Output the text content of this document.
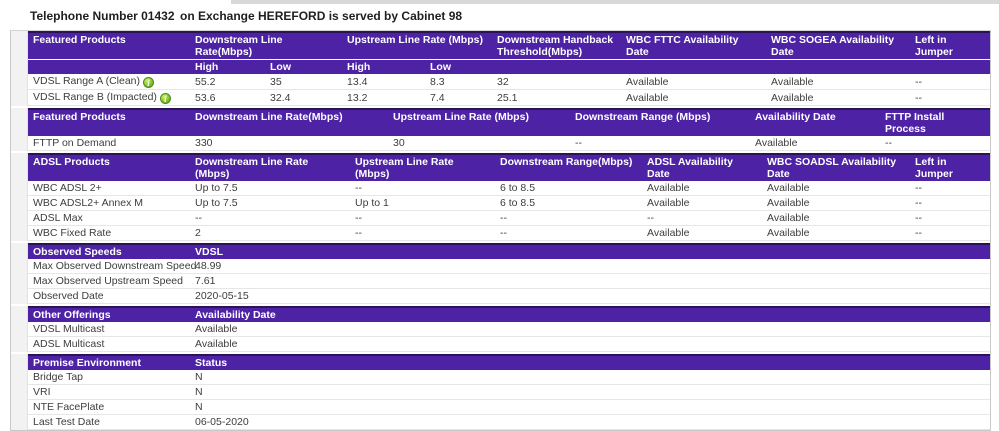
Telephone Number 01432 on Exchange HEREFORD is served by Cabinet 98
Featured Products	Downstream Line Rate(Mbps)		Upstream Line Rate (Mbps)		Downstream Handback Threshold(Mbps)	WBC FTTC Availability Date	WBC SOGEA Availability Date	Left in Jumper
	High	Low	High	Low				
VDSL Range A (Clean) i	55.2	35	13.4	8.3	32	Available	Available	--
VDSL Range B (Impacted) i	53.6	32.4	13.2	7.4	25.1	Available	Available	--
Featured Products	Downstream Line Rate(Mbps)	Upstream Line Rate (Mbps)	Downstream Range (Mbps)	Availability Date	FTTP Install Process
FTTP on Demand	330	30	--	Available	--
ADSL Products	Downstream Line Rate (Mbps)	Upstream Line Rate (Mbps)	Downstream Range(Mbps)	ADSL Availability Date	WBC SOADSL Availability Date	Left in Jumper
WBC ADSL 2+	Up to 7.5	--	6 to 8.5	Available	Available	--
WBC ADSL2+ Annex M	Up to 7.5	Up to 1	6 to 8.5	Available	Available	--
ADSL Max	--	--	--	--	Available	--
WBC Fixed Rate	2	--	--	Available	Available	--
Observed Speeds	VDSL
Max Observed Downstream Speed	48.99
Max Observed Upstream Speed	7.61
Observed Date	2020-05-15
Other Offerings	Availability Date
VDSL Multicast	Available
ADSL Multicast	Available
Premise Environment	Status
Bridge Tap	N
VRI	N
NTE FacePlate	N
Last Test Date	06-05-2020
